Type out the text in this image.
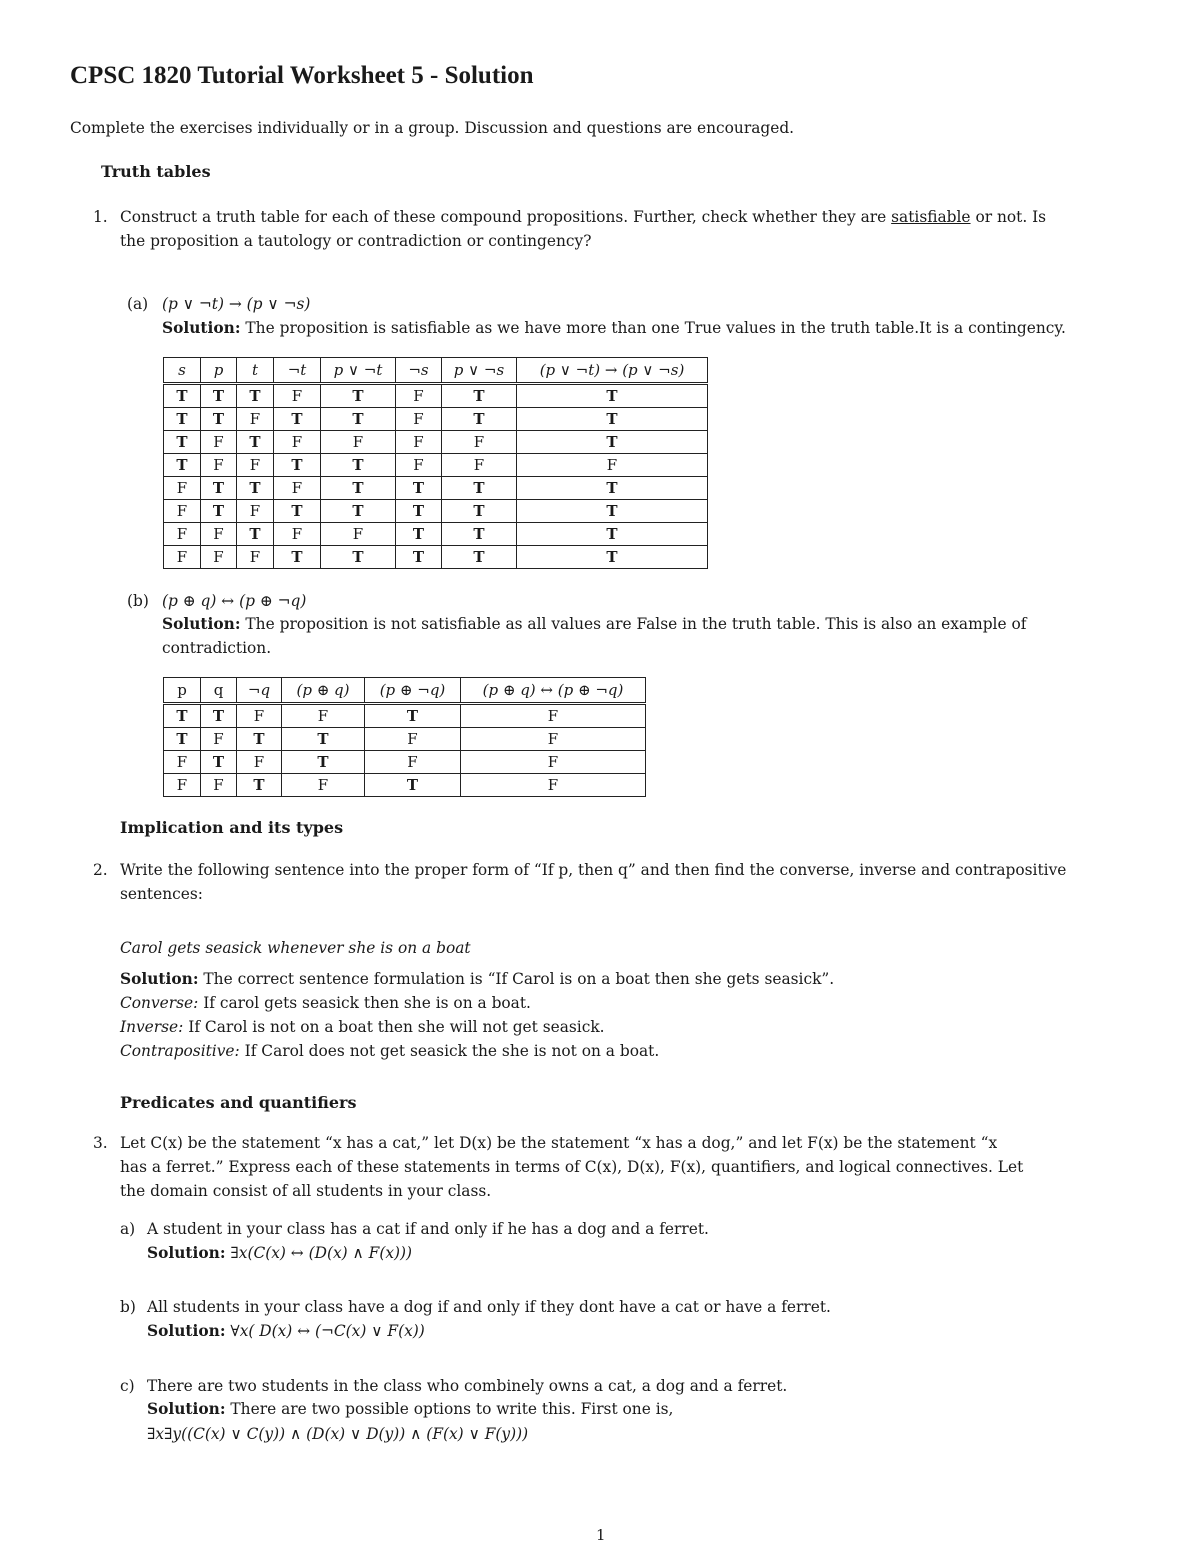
CPSC 1820 Tutorial Worksheet 5 - Solution
Complete the exercises individually or in a group. Discussion and questions are encouraged.
Truth tables
1. Construct a truth table for each of these compound propositions. Further, check whether they are satisfiable or not. Is
the proposition a tautology or contradiction or contingency?
(a) (p ∨ ¬t) → (p ∨ ¬s)
Solution: The proposition is satisfiable as we have more than one True values in the truth table.It is a contingency.
s	p	t	¬t	p ∨ ¬t	¬s	p ∨ ¬s	(p ∨ ¬t) → (p ∨ ¬s)
T	T	T	F	T	F	T	T
T	T	F	T	T	F	T	T
T	F	T	F	F	F	F	T
T	F	F	T	T	F	F	F
F	T	T	F	T	T	T	T
F	T	F	T	T	T	T	T
F	F	T	F	F	T	T	T
F	F	F	T	T	T	T	T
(b) (p ⊕ q) ↔ (p ⊕ ¬q)
Solution: The proposition is not satisfiable as all values are False in the truth table. This is also an example of
contradiction.
p	q	¬q	(p ⊕ q)	(p ⊕ ¬q)	(p ⊕ q) ↔ (p ⊕ ¬q)
T	T	F	F	T	F
T	F	T	T	F	F
F	T	F	T	F	F
F	F	T	F	T	F
Implication and its types
2. Write the following sentence into the proper form of “If p, then q” and then find the converse, inverse and contrapositive
sentences:
Carol gets seasick whenever she is on a boat
Solution: The correct sentence formulation is “If Carol is on a boat then she gets seasick”.
Converse: If carol gets seasick then she is on a boat.
Inverse: If Carol is not on a boat then she will not get seasick.
Contrapositive: If Carol does not get seasick the she is not on a boat.
Predicates and quantifiers
3. Let C(x) be the statement “x has a cat,” let D(x) be the statement “x has a dog,” and let F(x) be the statement “x
has a ferret.” Express each of these statements in terms of C(x), D(x), F(x), quantifiers, and logical connectives. Let
the domain consist of all students in your class.
a) A student in your class has a cat if and only if he has a dog and a ferret.
Solution: ∃x(C(x) ↔ (D(x) ∧ F(x)))
b) All students in your class have a dog if and only if they dont have a cat or have a ferret.
Solution: ∀x( D(x) ↔ (¬C(x) ∨ F(x))
c) There are two students in the class who combinely owns a cat, a dog and a ferret.
Solution: There are two possible options to write this. First one is,
∃x∃y((C(x) ∨ C(y)) ∧ (D(x) ∨ D(y)) ∧ (F(x) ∨ F(y)))
1
